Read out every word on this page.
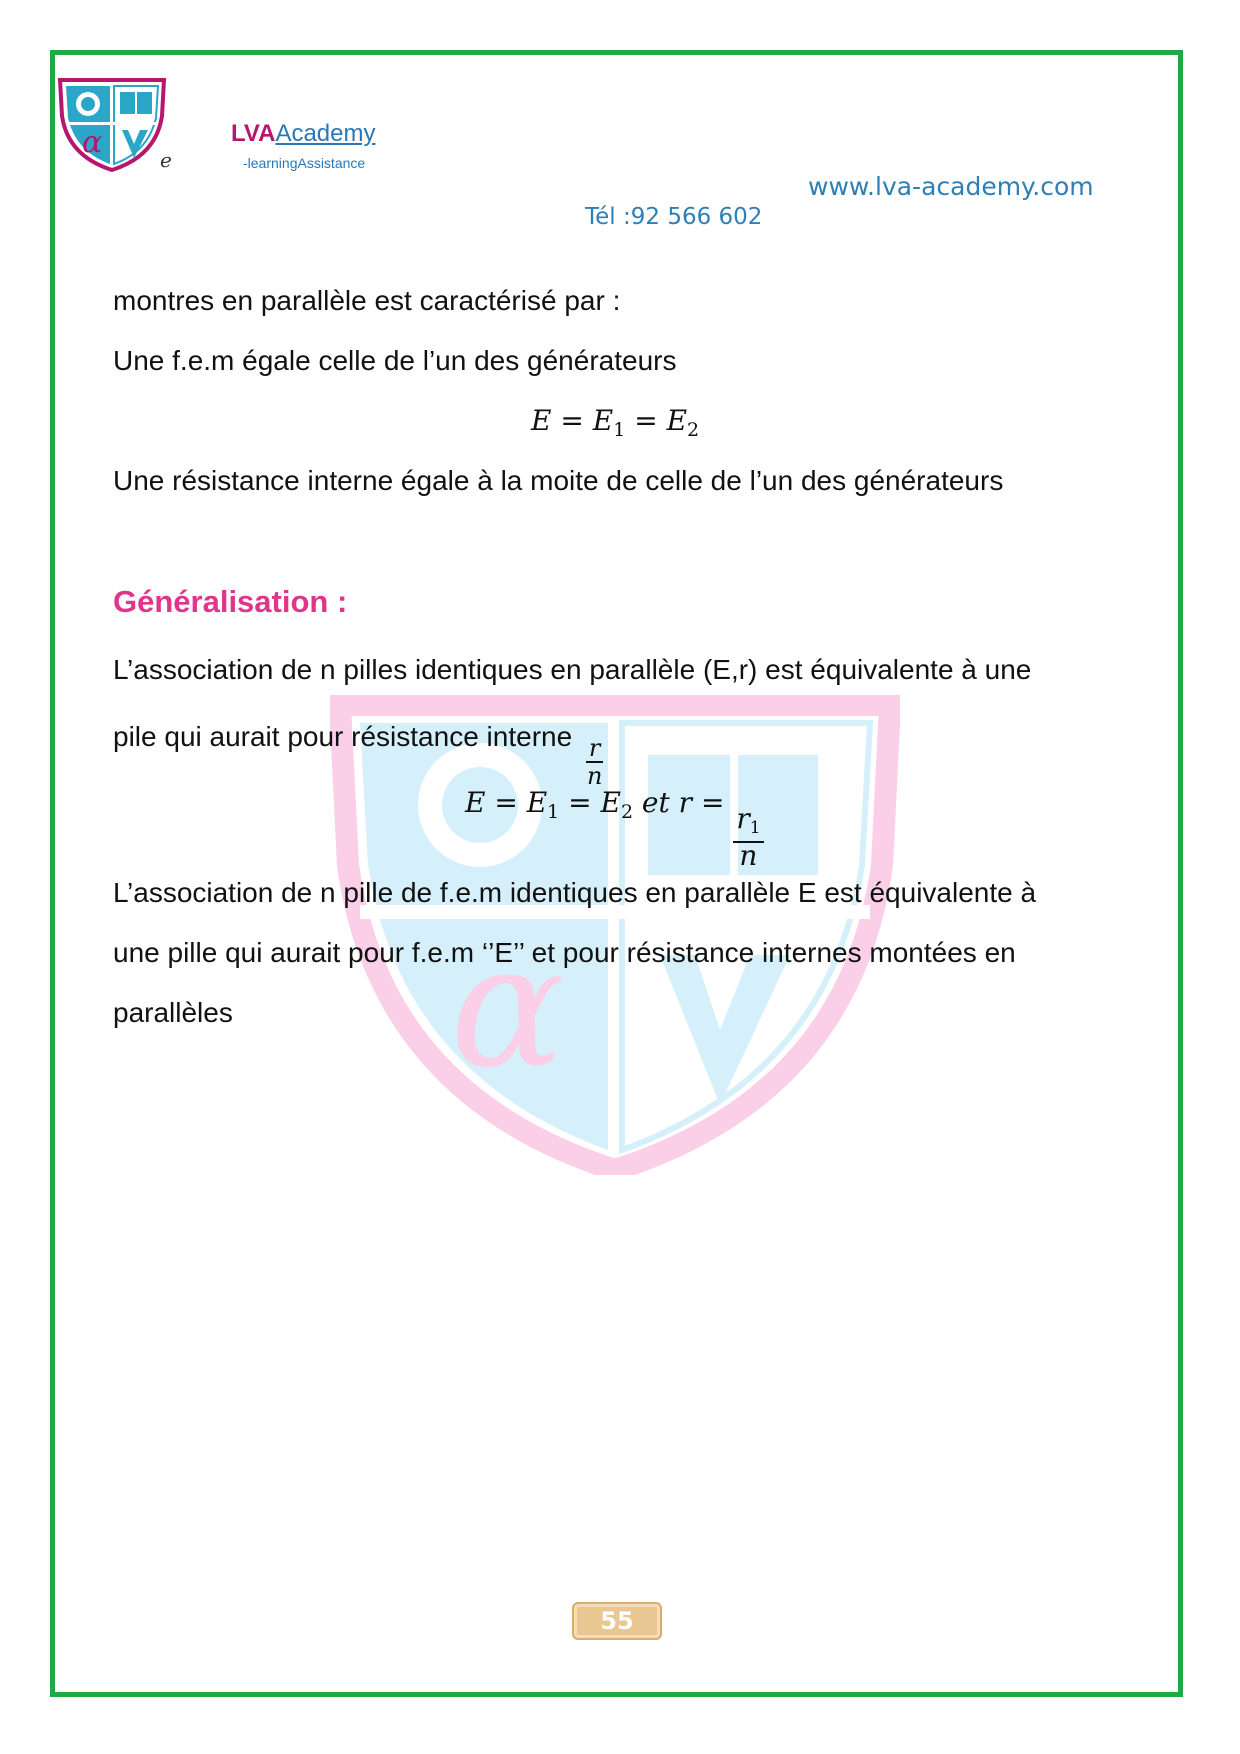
α	e
LVAAcademy
-learningAssistance
www.lva-academy.com
Tél :92 566 602
α
montres en parallèle est caractérisé par :
Une f.e.m égale celle de l’un des générateurs
$E = E_1 = E_2$
Une résistance interne égale à la moite de celle de l’un des générateurs
Généralisation :
L’association de n pilles identiques en parallèle (E,r) est équivalente à une
pile qui aurait pour résistance interne $\frac{r}{n}$
$E = E_1 = E_2$ et r =
$\frac{r_1}{n}$
L’association de n pille de f.e.m identiques en parallèle E est équivalente à
une pille qui aurait pour f.e.m ‘’E’’ et pour résistance internes montées en
parallèles
55
